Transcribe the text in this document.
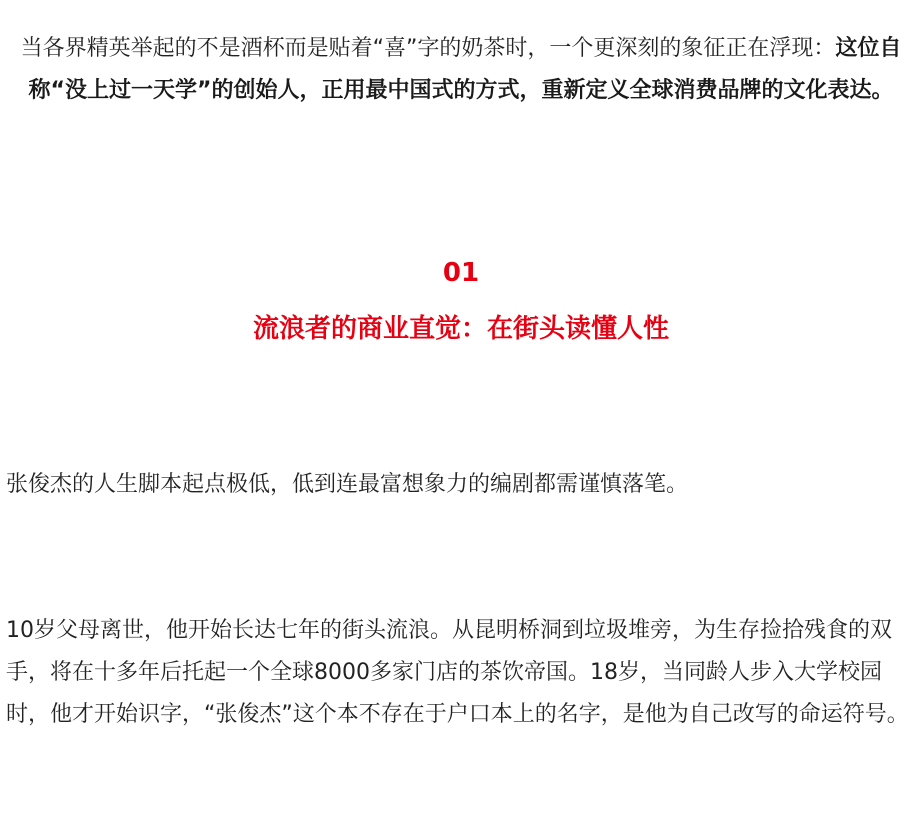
当各界精英举起的不是酒杯而是贴着“喜”字的奶茶时，一个更深刻的象征正在浮现：这位自称“没上过一天学”的创始人，正用最中国式的方式，重新定义全球消费品牌的文化表达。
01
流浪者的商业直觉：在街头读懂人性
张俊杰的人生脚本起点极低，低到连最富想象力的编剧都需谨慎落笔。
10岁父母离世，他开始长达七年的街头流浪。从昆明桥洞到垃圾堆旁，为生存捡拾残食的双手，将在十多年后托起一个全球8000多家门店的茶饮帝国。18岁，当同龄人步入大学校园时，他才开始识字，“张俊杰”这个本不存在于户口本上的名字，是他为自己改写的命运符号。
